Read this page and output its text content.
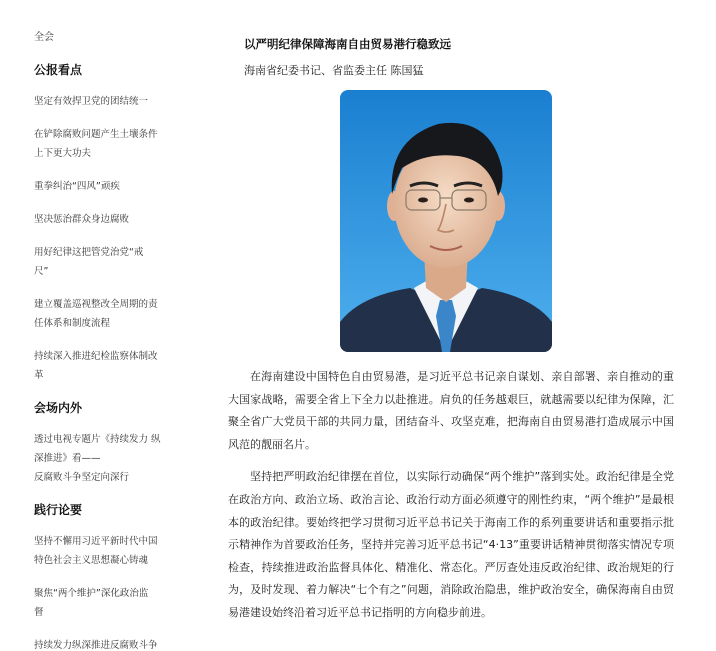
全会
公报看点
坚定有效捍卫党的团结统一
在铲除腐败问题产生土壤条件
上下更大功夫
重拳纠治“四风”顽疾
坚决惩治群众身边腐败
用好纪律这把管党治党“戒
尺”
建立覆盖巡视整改全周期的责
任体系和制度流程
持续深入推进纪检监察体制改
革
会场内外
透过电视专题片《持续发力 纵
深推进》看——
反腐败斗争坚定向深行
践行论要
坚持不懈用习近平新时代中国
特色社会主义思想凝心铸魂
聚焦“两个维护”深化政治监
督
持续发力纵深推进反腐败斗争
以严明纪律保障海南自由贸易港行稳致远
海南省纪委书记、省监委主任 陈国猛

在海南建设中国特色自由贸易港，是习近平总书记亲自谋划、亲自部署、亲自推动的重大国家战略，需要全省上下全力以赴推进。肩负的任务越艰巨，就越需要以纪律为保障，汇聚全省广大党员干部的共同力量，团结奋斗、攻坚克难，把海南自由贸易港打造成展示中国风范的靓丽名片。

坚持把严明政治纪律摆在首位，以实际行动确保“两个维护”落到实处。政治纪律是全党在政治方向、政治立场、政治言论、政治行动方面必须遵守的刚性约束，“两个维护”是最根本的政治纪律。要始终把学习贯彻习近平总书记关于海南工作的系列重要讲话和重要指示批示精神作为首要政治任务，坚持并完善习近平总书记“4·13”重要讲话精神贯彻落实情况专项检查，持续推进政治监督具体化、精准化、常态化。严厉查处违反政治纪律、政治规矩的行为，及时发现、着力解决“七个有之”问题，消除政治隐患，维护政治安全，确保海南自由贸易港建设始终沿着习近平总书记指明的方向稳步前进。
